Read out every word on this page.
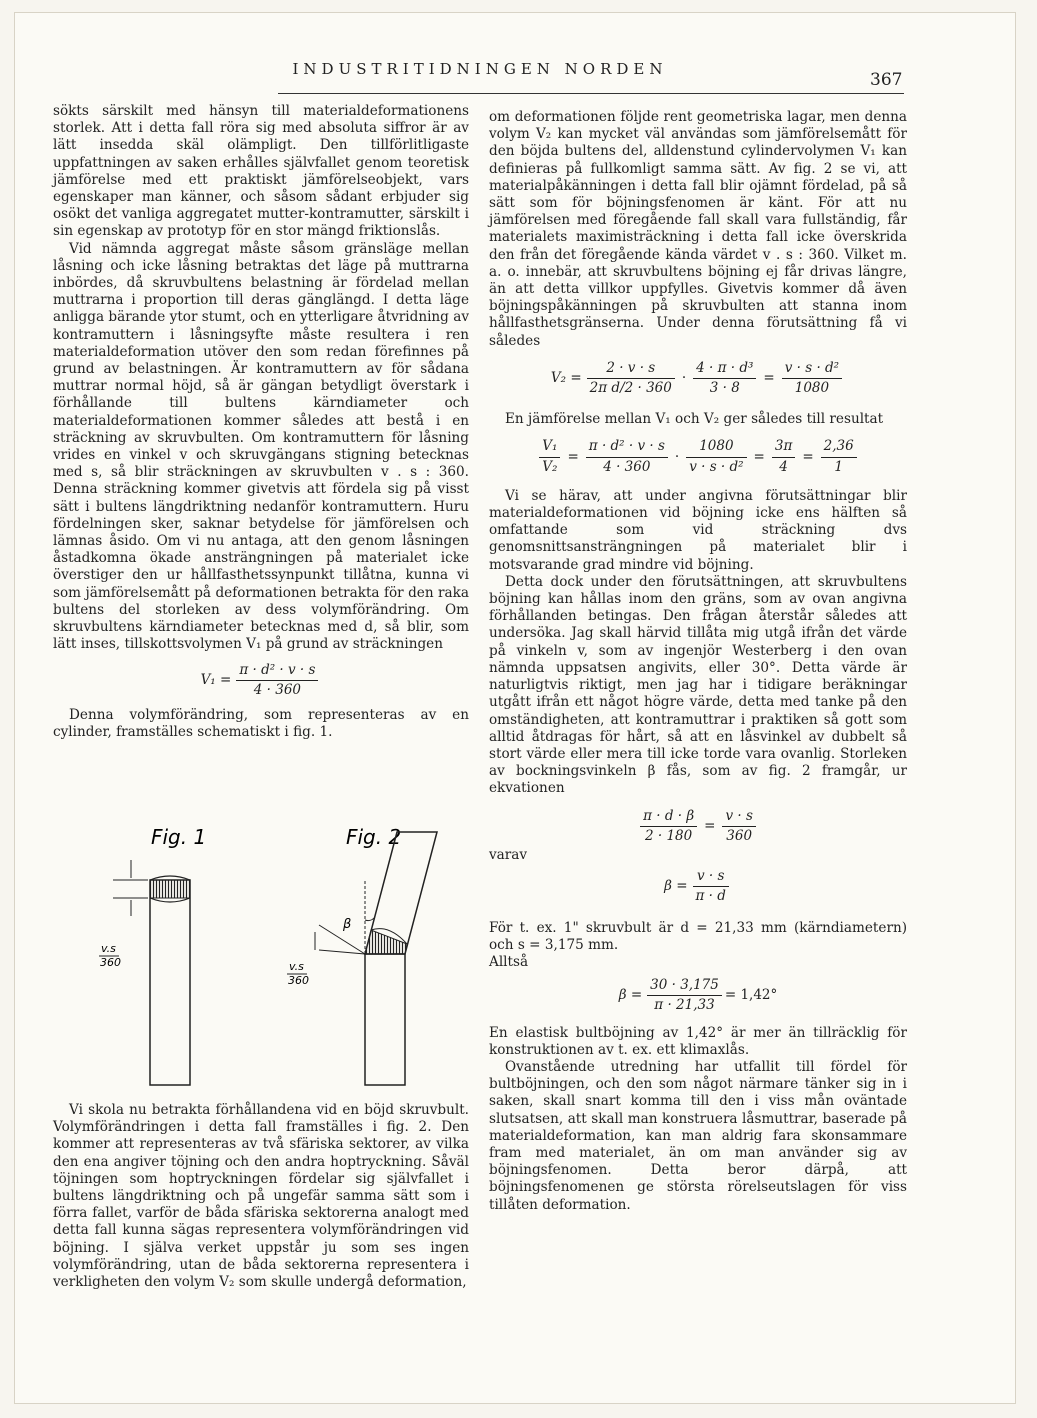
INDUSTRITIDNINGEN NORDEN
367

sökts särskilt med hänsyn till materialdeformationens storlek. Att i detta fall röra sig med absoluta siffror är av lätt insedda skäl olämpligt. Den tillförlitligaste uppfattningen av saken erhålles självfallet genom teoretisk jämförelse med ett praktiskt jämförelseobjekt, vars egenskaper man känner, och såsom sådant erbjuder sig osökt det vanliga aggregatet mutter-kontramutter, särskilt i sin egenskap av prototyp för en stor mängd friktionslås.

Vid nämnda aggregat måste såsom gränsläge mellan låsning och icke låsning betraktas det läge på muttrarna inbördes, då skruvbultens belastning är fördelad mellan muttrarna i proportion till deras gänglängd. I detta läge anligga bärande ytor stumt, och en ytterligare åtvridning av kontramuttern i låsningsyfte måste resultera i ren materialdeformation utöver den som redan förefinnes på grund av belastningen. Är kontramuttern av för sådana muttrar normal höjd, så är gängan betydligt överstark i förhållande till bultens kärndiameter och materialdeformationen kommer således att bestå i en sträckning av skruvbulten. Om kontramuttern för låsning vrides en vinkel v och skruvgängans stigning betecknas med s, så blir sträckningen av skruvbulten v . s : 360. Denna sträckning kommer givetvis att fördela sig på visst sätt i bultens längdriktning nedanför kontramuttern. Huru fördelningen sker, saknar betydelse för jämförelsen och lämnas åsido. Om vi nu antaga, att den genom låsningen åstadkomna ökade ansträngningen på materialet icke överstiger den ur hållfasthetssynpunkt tillåtna, kunna vi som jämförelsemått på deformationen betrakta för den raka bultens del storleken av dess volymförändring. Om skruvbultens kärndiameter betecknas med d, så blir, som lätt inses, tillskottsvolymen V₁ på grund av sträckningen

$V_1 = \frac{\text{π · d² · v · s}}{4 \cdot 360}$

Denna volymförändring, som representeras av en cylinder, framställes schematiskt i fig. 1.

Fig. 1
v.s
360
Fig. 2
β
v.s
360

Vi skola nu betrakta förhållandena vid en böjd skruvbult. Volymförändringen i detta fall framställes i fig. 2. Den kommer att representeras av två sfäriska sektorer, av vilka den ena angiver töjning och den andra hoptryckning. Såväl töjningen som hoptryckningen fördelar sig självfallet i bultens längdriktning och på ungefär samma sätt som i förra fallet, varför de båda sfäriska sektorerna analogt med detta fall kunna sägas representera volymförändringen vid böjning. I själva verket uppstår ju som ses ingen volymförändring, utan de båda sektorerna representera i verkligheten den volym V₂ som skulle undergå deformation,

om deformationen följde rent geometriska lagar, men denna volym V₂ kan mycket väl användas som jämförelsemått för den böjda bultens del, alldenstund cylindervolymen V₁ kan definieras på fullkomligt samma sätt. Av fig. 2 se vi, att materialpåkänningen i detta fall blir ojämnt fördelad, på så sätt som för böjningsfenomen är känt. För att nu jämförelsen med föregående fall skall vara fullständig, får materialets maximisträckning i detta fall icke överskrida den från det föregående kända värdet v . s : 360. Vilket m. a. o. innebär, att skruvbultens böjning ej får drivas längre, än att detta villkor uppfylles. Givetvis kommer då även böjningspåkänningen på skruvbulten att stanna inom hållfasthetsgränserna. Under denna förutsättning få vi således

$V_2 = \frac{2 \cdot v \cdot s}{\text{2π d/2 · 360}} \cdot \frac{\text{4 · π · d³}}{3 \cdot 8} = \frac{\text{v · s · d²}}{1080}$

En jämförelse mellan V₁ och V₂ ger således till resultat

$\frac{\text{V₁}}{\text{V₂}} = \frac{\text{π · d² · v · s}}{4 \cdot 360} \cdot \frac{1080}{\text{v · s · d²}} = \frac{3\pi}{4} = \frac{2,36}{1}$

Vi se härav, att under angivna förutsättningar blir materialdeformationen vid böjning icke ens hälften så omfattande som vid sträckning dvs genomsnittsansträngningen på materialet blir i motsvarande grad mindre vid böjning.

Detta dock under den förutsättningen, att skruvbultens böjning kan hållas inom den gräns, som av ovan angivna förhållanden betingas. Den frågan återstår således att undersöka. Jag skall härvid tillåta mig utgå ifrån det värde på vinkeln v, som av ingenjör Westerberg i den ovan nämnda uppsatsen angivits, eller 30°. Detta värde är naturligtvis riktigt, men jag har i tidigare beräkningar utgått ifrån ett något högre värde, detta med tanke på den omständigheten, att kontramuttrar i praktiken så gott som alltid åtdragas för hårt, så att en låsvinkel av dubbelt så stort värde eller mera till icke torde vara ovanlig. Storleken av bockningsvinkeln β fås, som av fig. 2 framgår, ur ekvationen

$\frac{\pi \cdot d \cdot \beta}{2 \cdot 180} = \frac{v \cdot s}{360}$

varav

$\beta = \frac{v \cdot s}{\pi \cdot d}$

För t. ex. 1" skruvbult är d = 21,33 mm (kärndiametern) och s = 3,175 mm.

Alltså

$\beta = \frac{30 \cdot 3,175}{\pi \cdot 21,33} = 1,42^\circ$

En elastisk bultböjning av 1,42° är mer än tillräcklig för konstruktionen av t. ex. ett klimaxlås.

Ovanstående utredning har utfallit till fördel för bultböjningen, och den som något närmare tänker sig in i saken, skall snart komma till den i viss mån oväntade slutsatsen, att skall man konstruera låsmuttrar, baserade på materialdeformation, kan man aldrig fara skonsammare fram med materialet, än om man använder sig av böjningsfenomen. Detta beror därpå, att böjningsfenomenen ge största rörelseutslagen för viss tillåten deformation.
